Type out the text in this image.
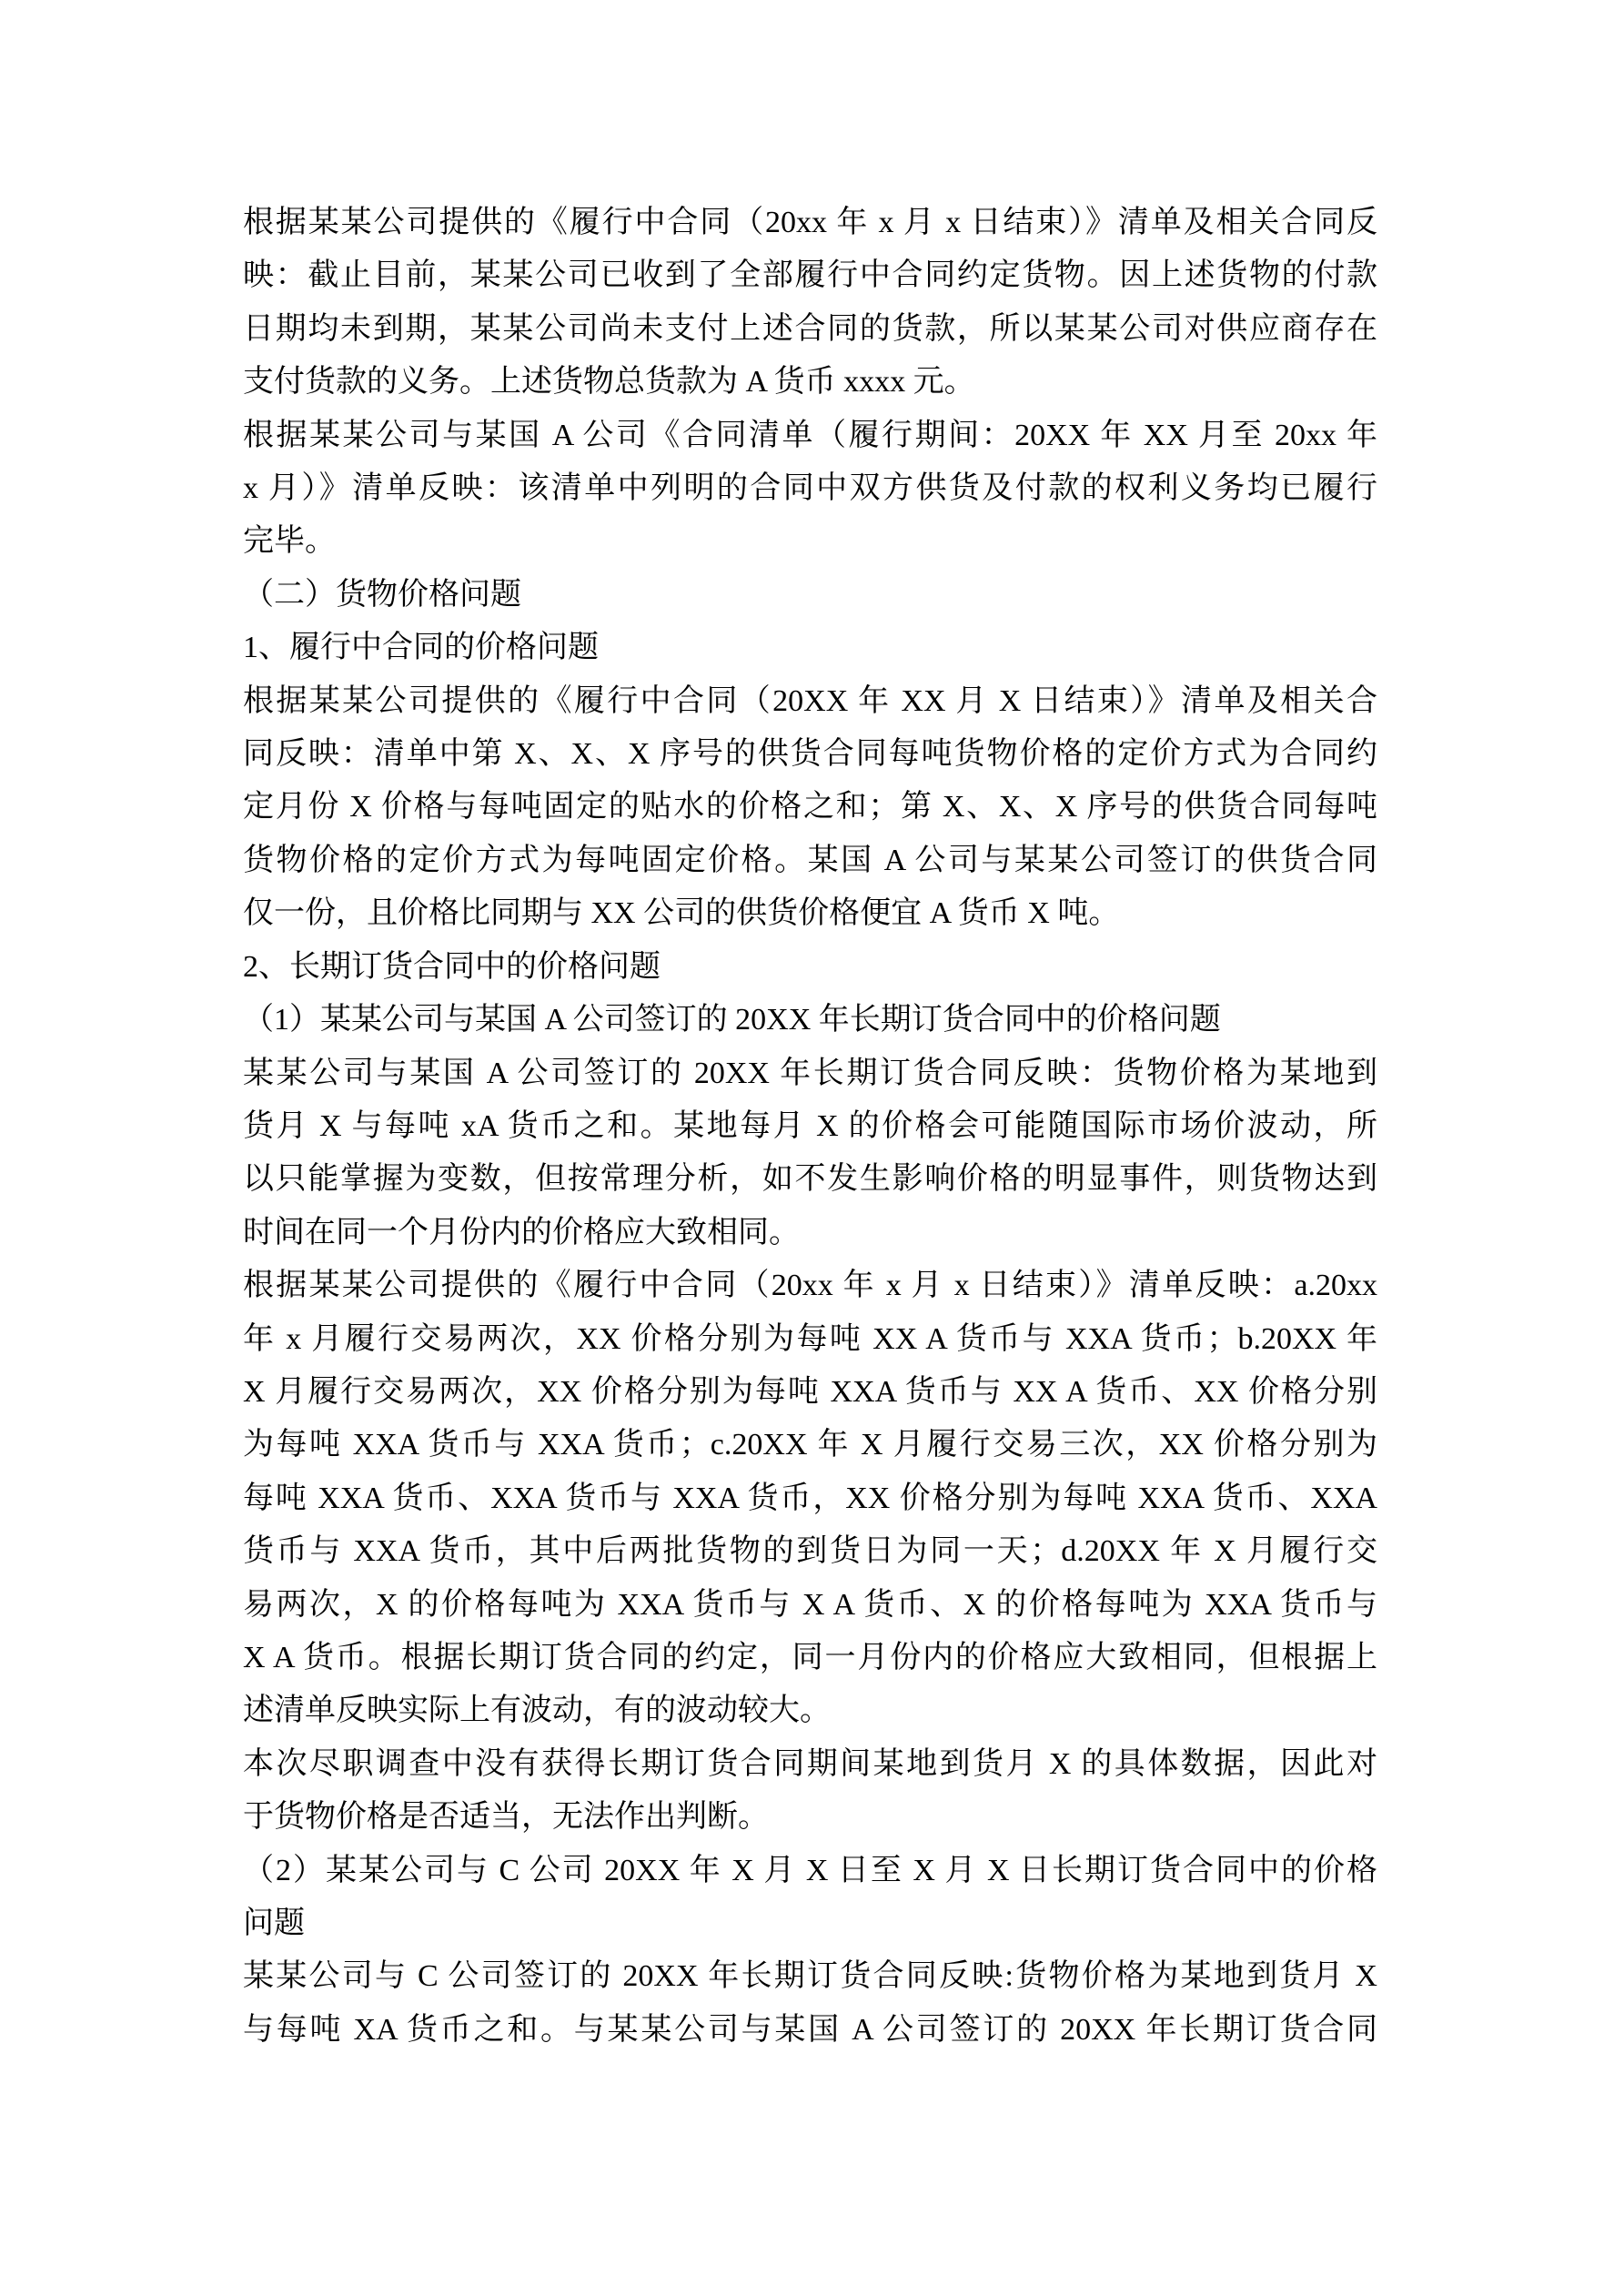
根据某某公司提供的《履行中合同（20xx 年 x 月 x 日结束）》清单及相关合同反
映：截止目前，某某公司已收到了全部履行中合同约定货物。因上述货物的付款
日期均未到期，某某公司尚未支付上述合同的货款，所以某某公司对供应商存在
支付货款的义务。上述货物总货款为 A 货币 xxxx 元。
根据某某公司与某国 A 公司《合同清单（履行期间：20XX 年 XX 月至 20xx 年
x 月）》清单反映：该清单中列明的合同中双方供货及付款的权利义务均已履行
完毕。
（二）货物价格问题
1、履行中合同的价格问题
根据某某公司提供的《履行中合同（20XX 年 XX 月 X 日结束）》清单及相关合
同反映：清单中第 X、X、X 序号的供货合同每吨货物价格的定价方式为合同约
定月份 X 价格与每吨固定的贴水的价格之和；第 X、X、X 序号的供货合同每吨
货物价格的定价方式为每吨固定价格。某国 A 公司与某某公司签订的供货合同
仅一份，且价格比同期与 XX 公司的供货价格便宜 A 货币 X 吨。
2、长期订货合同中的价格问题
（1）某某公司与某国 A 公司签订的 20XX 年长期订货合同中的价格问题
某某公司与某国 A 公司签订的 20XX 年长期订货合同反映：货物价格为某地到
货月 X 与每吨 xA 货币之和。某地每月 X 的价格会可能随国际市场价波动，所
以只能掌握为变数，但按常理分析，如不发生影响价格的明显事件，则货物达到
时间在同一个月份内的价格应大致相同。
根据某某公司提供的《履行中合同（20xx 年 x 月 x 日结束）》清单反映：a.20xx
年 x 月履行交易两次，XX 价格分别为每吨 XX A 货币与 XXA 货币；b.20XX 年
X 月履行交易两次，XX 价格分别为每吨 XXA 货币与 XX A 货币、XX 价格分别
为每吨 XXA 货币与 XXA 货币；c.20XX 年 X 月履行交易三次，XX 价格分别为
每吨 XXA 货币、XXA 货币与 XXA 货币，XX 价格分别为每吨 XXA 货币、XXA
货币与 XXA 货币，其中后两批货物的到货日为同一天；d.20XX 年 X 月履行交
易两次，X 的价格每吨为 XXA 货币与 X A 货币、X 的价格每吨为 XXA 货币与
X A 货币。根据长期订货合同的约定，同一月份内的价格应大致相同，但根据上
述清单反映实际上有波动，有的波动较大。
本次尽职调查中没有获得长期订货合同期间某地到货月 X 的具体数据，因此对
于货物价格是否适当，无法作出判断。
（2）某某公司与 C 公司 20XX 年 X 月 X 日至 X 月 X 日长期订货合同中的价格
问题
某某公司与 C 公司签订的 20XX 年长期订货合同反映:货物价格为某地到货月 X
与每吨 XA 货币之和。与某某公司与某国 A 公司签订的 20XX 年长期订货合同
